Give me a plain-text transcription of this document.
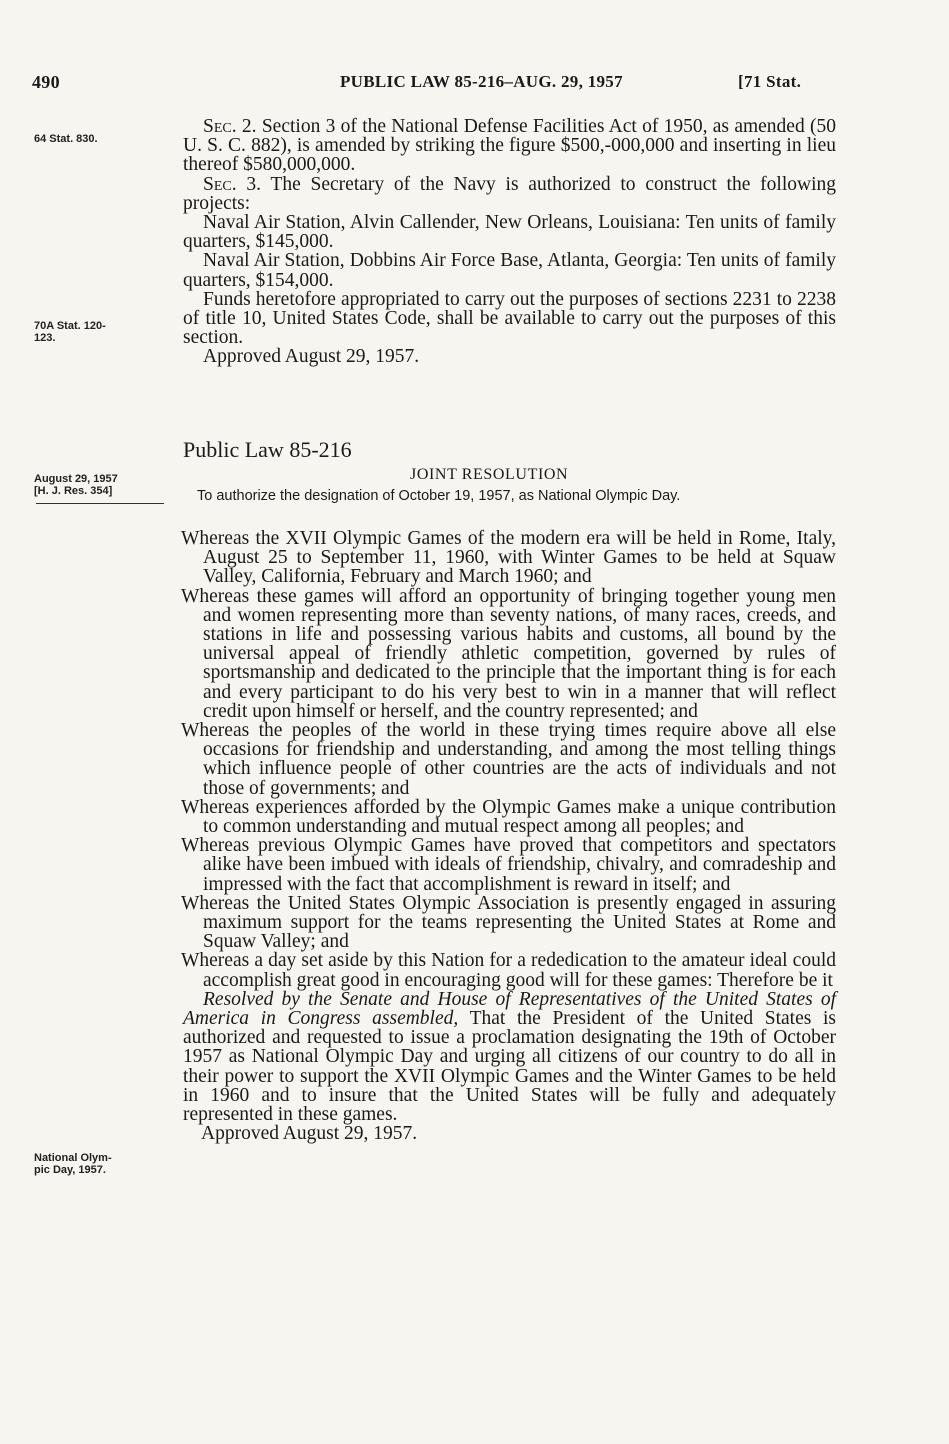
490	PUBLIC LAW 85-216–AUG. 29, 1957	[71 Stat.
64 Stat. 830.
70A Stat. 120-
123.
August 29, 1957
[H. J. Res. 354]
National Olym-
pic Day, 1957.

Sec. 2. Section 3 of the National Defense Facilities Act of 1950, as amended (50 U. S. C. 882), is amended by striking the figure $500,-000,000 and inserting in lieu thereof $580,000,000.

Sec. 3. The Secretary of the Navy is authorized to construct the following projects:

Naval Air Station, Alvin Callender, New Orleans, Louisiana: Ten units of family quarters, $145,000.

Naval Air Station, Dobbins Air Force Base, Atlanta, Georgia: Ten units of family quarters, $154,000.

Funds heretofore appropriated to carry out the purposes of sections 2231 to 2238 of title 10, United States Code, shall be available to carry out the purposes of this section.

Approved August 29, 1957.

Public Law 85-216
JOINT RESOLUTION
To authorize the designation of October 19, 1957, as National Olympic Day.

Whereas the XVII Olympic Games of the modern era will be held in Rome, Italy, August 25 to September 11, 1960, with Winter Games to be held at Squaw Valley, California, February and March 1960; and

Whereas these games will afford an opportunity of bringing together young men and women representing more than seventy nations, of many races, creeds, and stations in life and possessing various habits and customs, all bound by the universal appeal of friendly athletic competition, governed by rules of sportsmanship and dedicated to the principle that the important thing is for each and every participant to do his very best to win in a manner that will reflect credit upon himself or herself, and the country represented; and

Whereas the peoples of the world in these trying times require above all else occasions for friendship and understanding, and among the most telling things which influence people of other countries are the acts of individuals and not those of governments; and

Whereas experiences afforded by the Olympic Games make a unique contribution to common understanding and mutual respect among all peoples; and

Whereas previous Olympic Games have proved that competitors and spectators alike have been imbued with ideals of friendship, chivalry, and comradeship and impressed with the fact that accomplishment is reward in itself; and

Whereas the United States Olympic Association is presently engaged in assuring maximum support for the teams representing the United States at Rome and Squaw Valley; and

Whereas a day set aside by this Nation for a rededication to the amateur ideal could accomplish great good in encouraging good will for these games: Therefore be it

Resolved by the Senate and House of Representatives of the United States of America in Congress assembled, That the President of the United States is authorized and requested to issue a proclamation designating the 19th of October 1957 as National Olympic Day and urging all citizens of our country to do all in their power to support the XVII Olympic Games and the Winter Games to be held in 1960 and to insure that the United States will be fully and adequately represented in these games.

Approved August 29, 1957.
